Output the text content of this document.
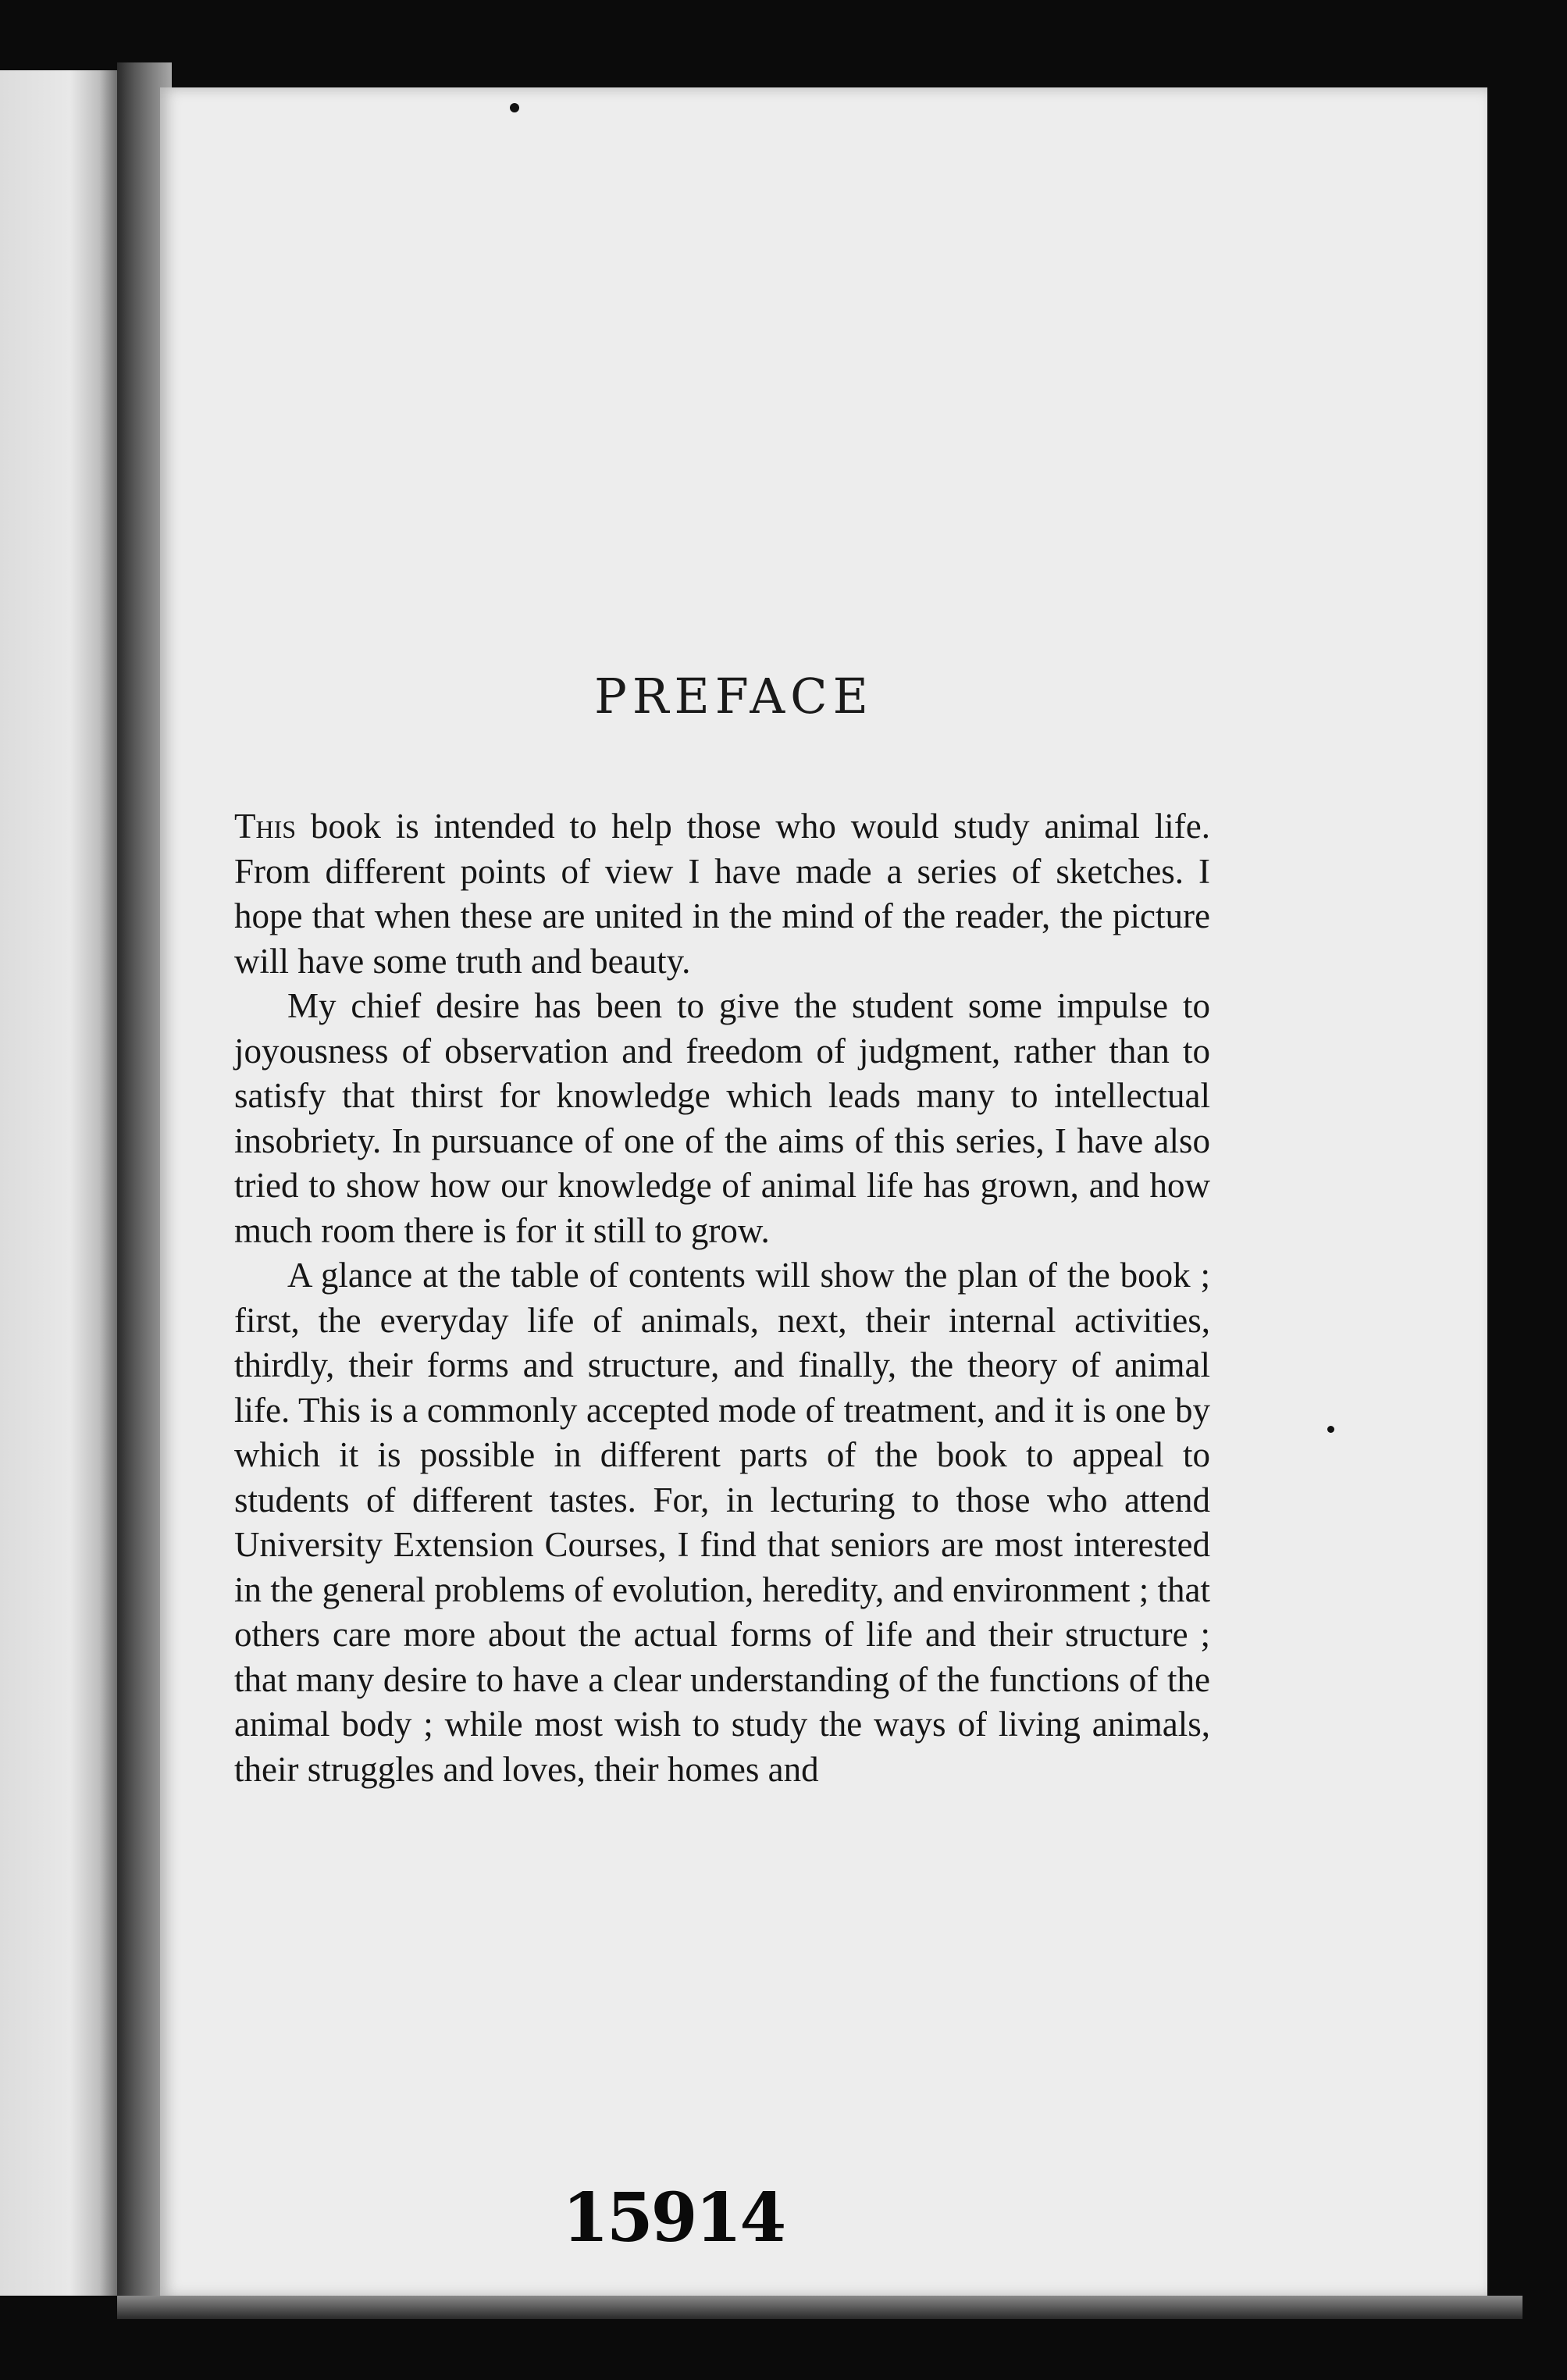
PREFACE

This book is intended to help those who would study animal life. From different points of view I have made a series of sketches. I hope that when these are united in the mind of the reader, the picture will have some truth and beauty.

My chief desire has been to give the student some impulse to joyousness of observation and freedom of judgment, rather than to satisfy that thirst for knowledge which leads many to intellectual insobriety. In pursuance of one of the aims of this series, I have also tried to show how our knowledge of animal life has grown, and how much room there is for it still to grow.

A glance at the table of contents will show the plan of the book ; first, the everyday life of animals, next, their internal activities, thirdly, their forms and structure, and finally, the theory of animal life. This is a commonly accepted mode of treatment, and it is one by which it is possible in different parts of the book to appeal to students of different tastes. For, in lecturing to those who attend University Extension Courses, I find that seniors are most interested in the general problems of evolution, heredity, and environment ; that others care more about the actual forms of life and their structure ; that many desire to have a clear understanding of the functions of the animal body ; while most wish to study the ways of living animals, their struggles and loves, their homes and

15914
